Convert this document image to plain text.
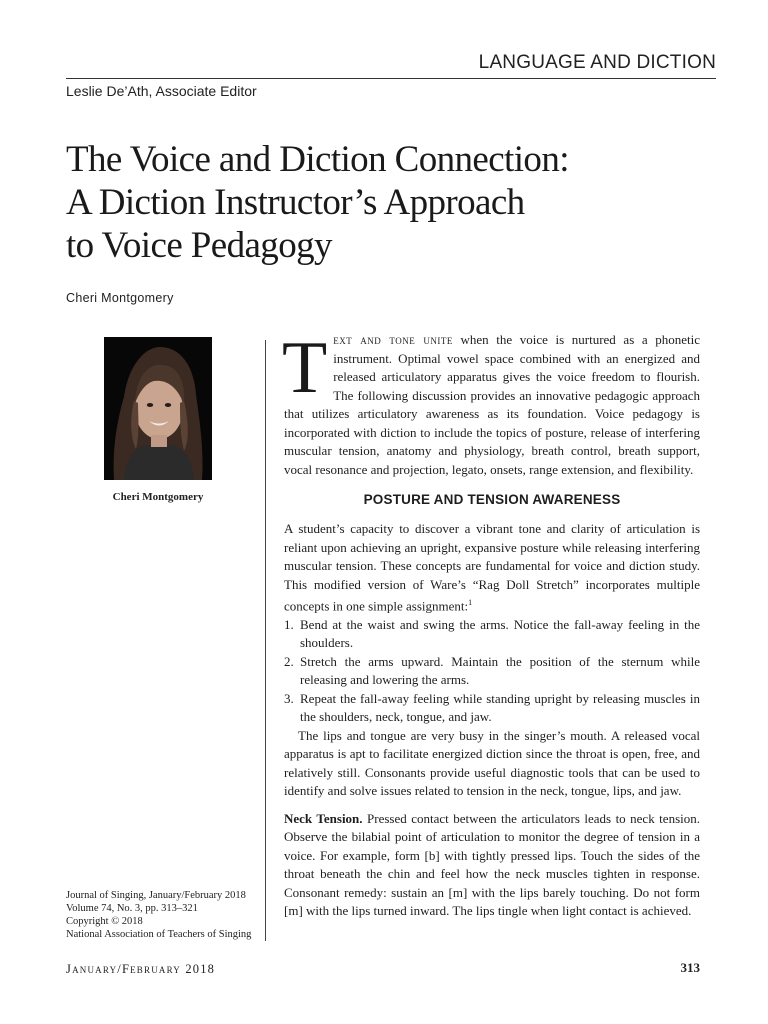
LANGUAGE AND DICTION
Leslie De’Ath, Associate Editor
The Voice and Diction Connection:
A Diction Instructor’s Approach
to Voice Pedagogy
Cheri Montgomery
Cheri Montgomery

Text and tone unite when the voice is nurtured as a phonetic instrument. Optimal vowel space combined with an energized and released articulatory apparatus gives the voice freedom to flourish. The following discussion provides an innovative pedagogic approach that utilizes articulatory awareness as its foundation. Voice pedagogy is incorporated with diction to include the topics of posture, release of interfering muscular tension, anatomy and physiology, breath control, breath support, vocal resonance and projection, legato, onsets, range extension, and flexibility.

POSTURE AND TENSION AWARENESS

A student’s capacity to discover a vibrant tone and clarity of articulation is reliant upon achieving an upright, expansive posture while releasing interfering muscular tension. These concepts are fundamental for voice and diction study. This modified version of Ware’s “Rag Doll Stretch” incorporates multiple concepts in one simple assignment:$^1$

1. Bend at the waist and swing the arms. Notice the fall-away feeling in the shoulders.
2. Stretch the arms upward. Maintain the position of the sternum while releasing and lowering the arms.
3. Repeat the fall-away feeling while standing upright by releasing muscles in the shoulders, neck, tongue, and jaw.

The lips and tongue are very busy in the singer’s mouth. A released vocal apparatus is apt to facilitate energized diction since the throat is open, free, and relatively still. Consonants provide useful diagnostic tools that can be used to identify and solve issues related to tension in the neck, tongue, lips, and jaw.

Neck Tension. Pressed contact between the articulators leads to neck tension. Observe the bilabial point of articulation to monitor the degree of tension in a voice. For example, form [b] with tightly pressed lips. Touch the sides of the throat beneath the chin and feel how the neck muscles tighten in response. Consonant remedy: sustain an [m] with the lips barely touching. Do not form [m] with the lips turned inward. The lips tingle when light contact is achieved.

Journal of Singing, January/February 2018
Volume 74, No. 3, pp. 313–321
Copyright © 2018
National Association of Teachers of Singing
January/February 2018	313
